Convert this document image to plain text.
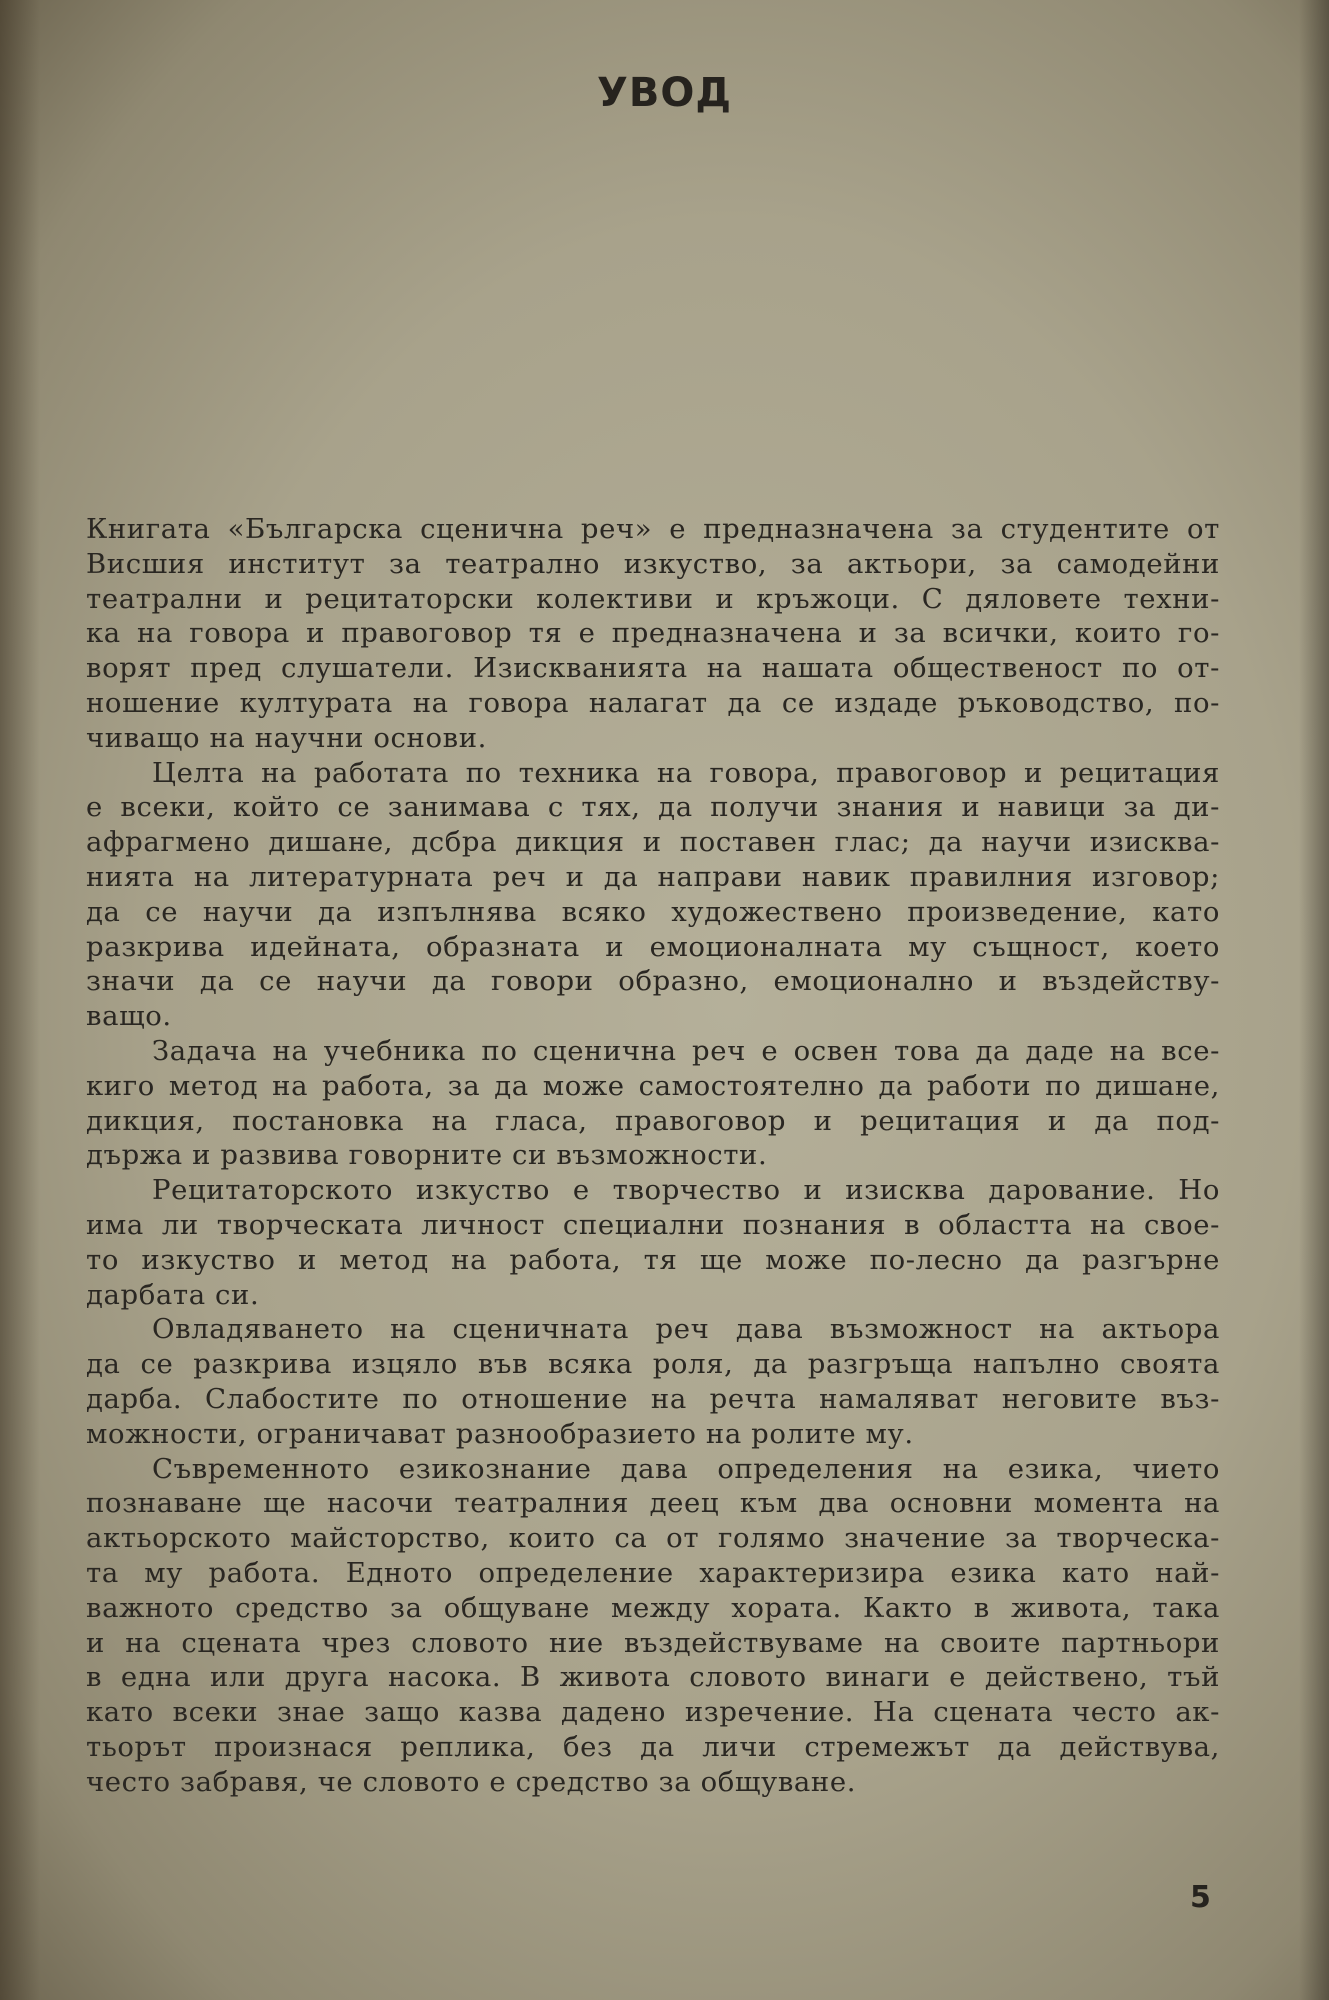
УВОД
Книгата «Българска сценична реч» е предназначена за студентите от
Висшия институт за театрално изкуство, за актьори, за самодейни
театрални и рецитаторски колективи и кръжоци. С дяловете техни-
ка на говора и правоговор тя е предназначена и за всички, които го-
ворят пред слушатели. Изискванията на нашата общественост по от-
ношение културата на говора налагат да се издаде ръководство, по-
чиващо на научни основи.
Целта на работата по техника на говора, правоговор и рецитация
е всеки, който се занимава с тях, да получи знания и навици за ди-
афрагмено дишане, дсбра дикция и поставен глас; да научи изисква-
нията на литературната реч и да направи навик правилния изговор;
да се научи да изпълнява всяко художествено произведение, като
разкрива идейната, образната и емоционалната му същност, което
значи да се научи да говори образно, емоционално и въздейству-
ващо.
Задача на учебника по сценична реч е освен това да даде на все-
киго метод на работа, за да може самостоятелно да работи по дишане,
дикция, постановка на гласа, правоговор и рецитация и да под-
държа и развива говорните си възможности.
Рецитаторското изкуство е творчество и изисква дарование. Но
има ли творческата личност специални познания в областта на свое-
то изкуство и метод на работа, тя ще може по-лесно да разгърне
дарбата си.
Овладяването на сценичната реч дава възможност на актьора
да се разкрива изцяло във всяка роля, да разгръща напълно своята
дарба. Слабостите по отношение на речта намаляват неговите въз-
можности, ограничават разнообразието на ролите му.
Съвременното езикознание дава определения на езика, чието
познаване ще насочи театралния деец към два основни момента на
актьорското майсторство, които са от голямо значение за творческа-
та му работа. Едното определение характеризира езика като най-
важното средство за общуване между хората. Както в живота, така
и на сцената чрез словото ние въздействуваме на своите партньори
в една или друга насока. В живота словото винаги е действено, тъй
като всеки знае защо казва дадено изречение. На сцената често ак-
тьорът произнася реплика, без да личи стремежът да действува,
често забравя, че словото е средство за общуване.
5
